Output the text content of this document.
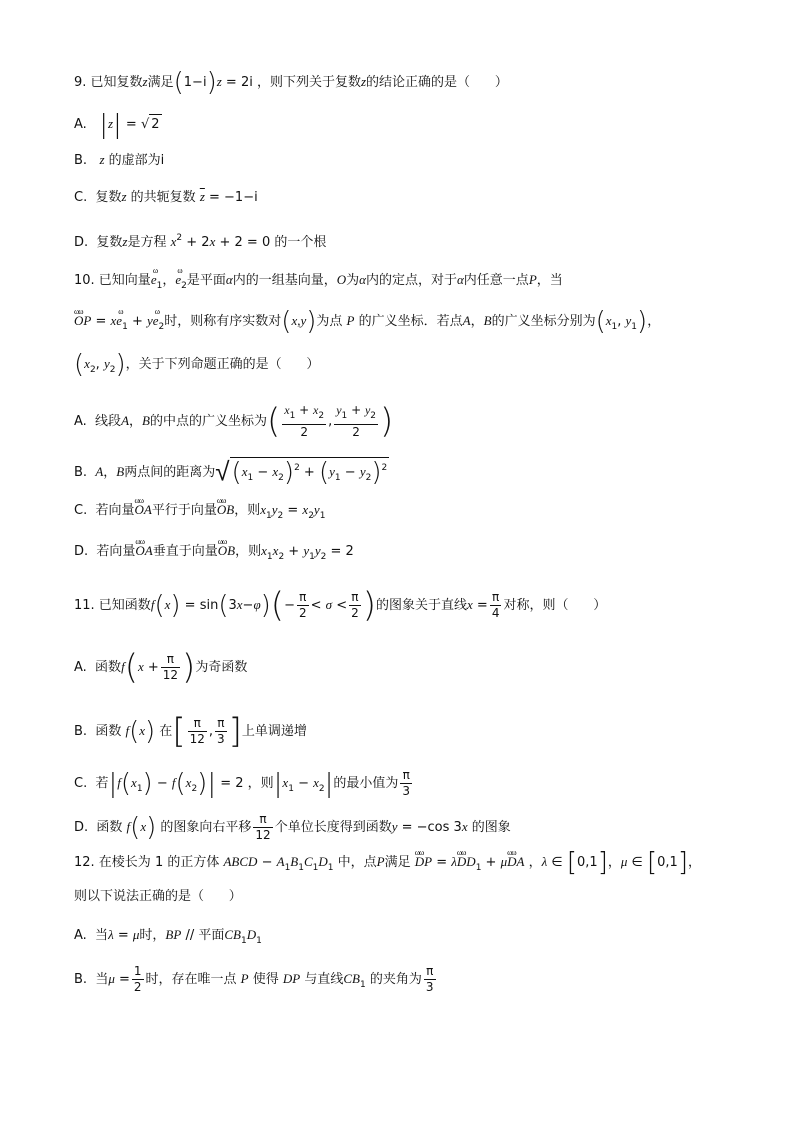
9. 已知复数z满足(1−i)z = 2i ，则下列关于复数z的结论正确的是（      ）
A.   |z| = √ 2
B.   z 的虚部为i
C.  复数z 的共轭复数 $\overline{z} = -1-i$
D.  复数z是方程 $x^2 + 2x + 2 = 0$ 的一个根
10. 已知向量ω $e_1$，ω $e_2$是平面α内的一组基向量，O为α内的定点，对于α内任意一点P，当
ωω OP = xω $e_1 + y\omega$ $e_2$时，则称有序实数对(x,y)为点 P 的广义坐标．若点A，B的广义坐标分别为($x_1$, $y_1$)，
($x_2$, $y_2$)，关于下列命题正确的是（      ）
A.  线段A，B的中点的广义坐标为( $\frac{x_1 + x_2}{2}$ , $\frac{y_1 + y_2}{2}$ )
B.  A，B两点间的距离为$√(x_1 - x_2)^2 + (y_1 - y_2)^2$
C.  若向量ωω OA平行于向量ωω OB，则$x_1y_2 = x_2y_1$
D.  若向量ωω OA垂直于向量ωω OB，则$x_1x_2 + y_1y_2 = 2$
11. 已知函数$f(x) = \sin(3x-\varphi)(- \frac{\pi}{2} < \sigma < \frac{\pi}{2}$ )的图象关于直线$x = \frac{\pi}{4}$ 对称，则（      ）
A.  函数$f(x + \frac{\pi}{12}$ )为奇函数
B.  函数 f(x) 在[ $\frac{\pi}{12}$ , $\frac{\pi}{3}$ ]上单调递增
C.  若$|f(x_1) - f(x_2)| = 2$ ，则$|x_1 - x_2|$的最小值为 $\frac{\pi}{3}$
D.  函数 f(x) 的图象向右平移 $\frac{\pi}{12}$ 个单位长度得到函数y = −cos 3x 的图象
12. 在棱长为 1 的正方体 ABCD − $A_1B_1C_1D_1$ 中，点P满足 ωω DP = λωω $DD_1 + \mu\omega\omega$ DA ，λ ∈ [0,1]，μ ∈ [0,1]，
则以下说法正确的是（      ）
A.  当λ = μ时，BP // 平面$CB_1D_1$
B.  当$\mu = \frac{1}{2}$ 时，存在唯一点 P 使得 DP 与直线$CB_1$ 的夹角为 $\frac{\pi}{3}$
